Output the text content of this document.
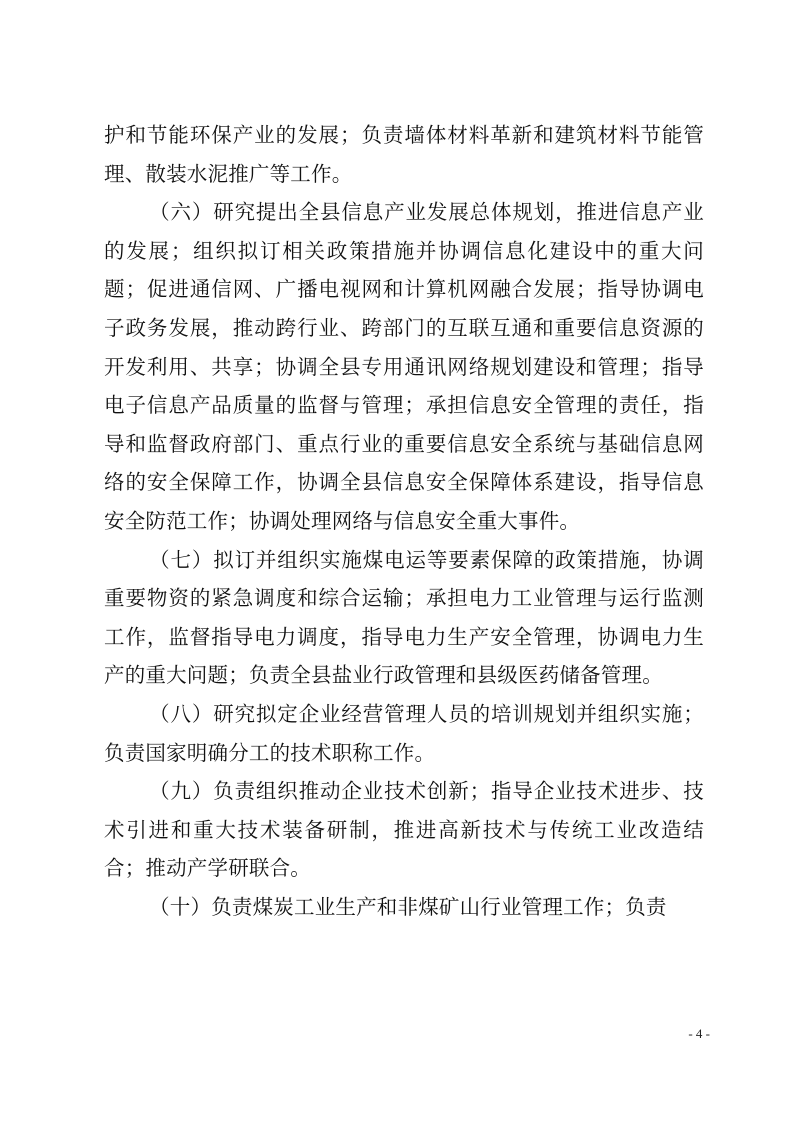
护和节能环保产业的发展；负责墙体材料革新和建筑材料节能管理、散装水泥推广等工作。

（六）研究提出全县信息产业发展总体规划，推进信息产业的发展；组织拟订相关政策措施并协调信息化建设中的重大问题；促进通信网、广播电视网和计算机网融合发展；指导协调电子政务发展，推动跨行业、跨部门的互联互通和重要信息资源的开发利用、共享；协调全县专用通讯网络规划建设和管理；指导电子信息产品质量的监督与管理；承担信息安全管理的责任，指导和监督政府部门、重点行业的重要信息安全系统与基础信息网络的安全保障工作，协调全县信息安全保障体系建设，指导信息安全防范工作；协调处理网络与信息安全重大事件。

（七）拟订并组织实施煤电运等要素保障的政策措施，协调重要物资的紧急调度和综合运输；承担电力工业管理与运行监测工作，监督指导电力调度，指导电力生产安全管理，协调电力生产的重大问题；负责全县盐业行政管理和县级医药储备管理。

（八）研究拟定企业经营管理人员的培训规划并组织实施；负责国家明确分工的技术职称工作。

（九）负责组织推动企业技术创新；指导企业技术进步、技术引进和重大技术装备研制，推进高新技术与传统工业改造结合；推动产学研联合。

（十）负责煤炭工业生产和非煤矿山行业管理工作；负责

- 4 -
